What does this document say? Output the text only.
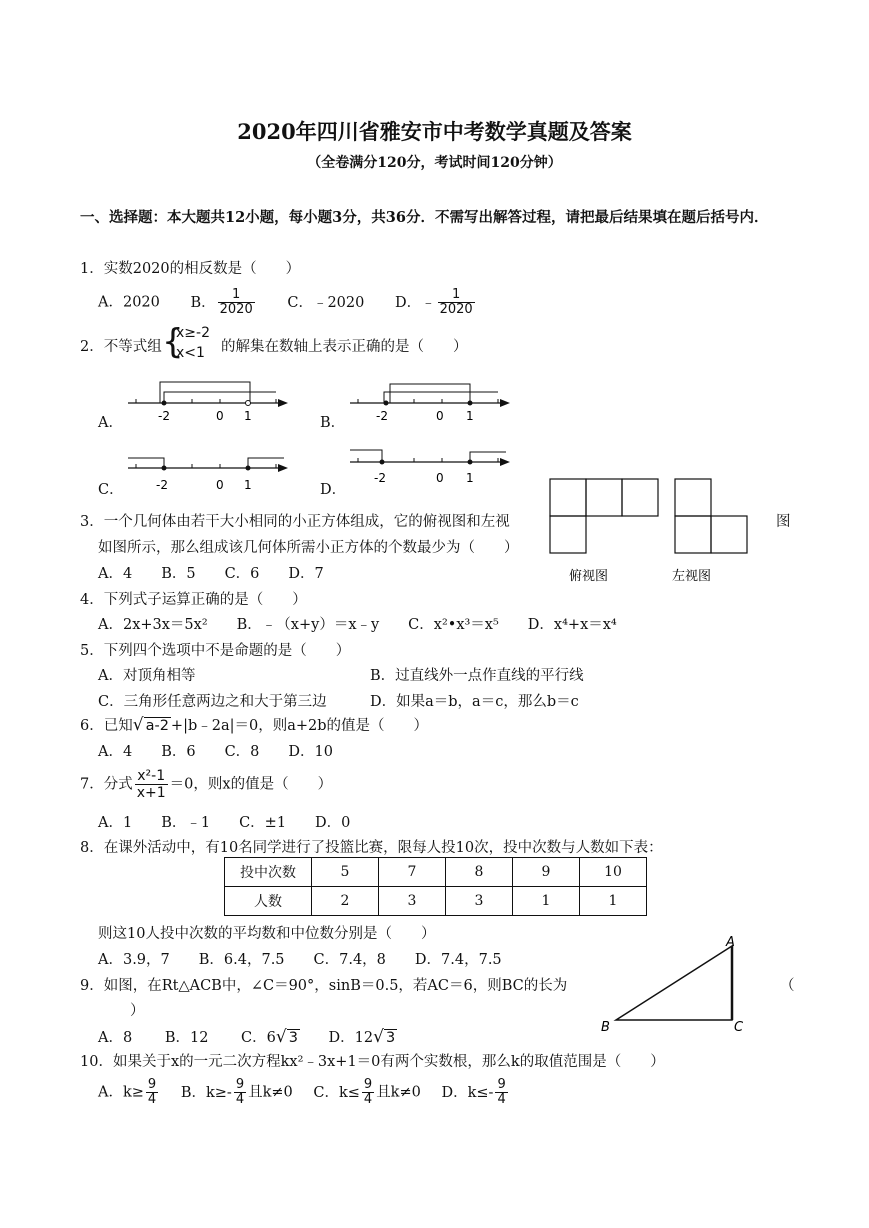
2020年四川省雅安市中考数学真题及答案
（全卷满分120分，考试时间120分钟）
一、选择题：本大题共12小题，每小题3分，共36分．不需写出解答过程，请把最后结果填在题后括号内．
1．实数2020的相反数是（　　）
A．2020 B． $\frac{1}{2020}$ C．﹣2020 D．﹣ $\frac{1}{2020}$
2．不等式组 {
x≥-2
x<1	的解集在数轴上表示正确的是（　　）
A．	B．
C．	D．
-2	0 1	-2	0 1
-2	0 1	-2	0 1
3．一个几何体由若干大小相同的小正方体组成，它的俯视图和左视	图
如图所示，那么组成该几何体所需小正方体的个数最少为（　　）
A．4　　B．5　　C．6　　D．7	俯视图	左视图
4．下列式子运算正确的是（　　）
A．2x+3x＝5x²　　B．﹣（x+y）＝x﹣y　　C．x²•x³＝x⁵　　D．x⁴+x＝x⁴
5．下列四个选项中不是命题的是（　　）
A．对顶角相等	B．过直线外一点作直线的平行线
C．三角形任意两边之和大于第三边	D．如果a＝b，a＝c，那么b＝c
6．已知√ a-2 +|b﹣2a|＝0，则a+2b的值是（　　）
A．4　　B．6　　C．8　　D．10
7．分式 $\frac{\text{x²-1}}{x+1} =0$，则x的值是（　　）
A．1　　B．﹣1　　C．±1　　D．0
8．在课外活动中，有10名同学进行了投篮比赛，限每人投10次，投中次数与人数如下表：
投中次数	5	7	8	9	10
人数	2	3	3	1	1
则这10人投中次数的平均数和中位数分别是（　　）
A．3.9，7　　B．6.4，7.5　　C．7.4，8　　D．7.4，7.5
9．如图，在Rt△ACB中，∠C＝90°，sinB＝0.5，若AC＝6，则BC的长为	（
）
A．8 B．12 C．6√ 3 D．12√ 3
A
B	C
10．如果关于x的一元二次方程kx²﹣3x+1＝0有两个实数根，那么k的取值范围是（　　）
A．$k\ge \frac{9}{4}$ B．$k\ge- \frac{9}{4}$ 且k≠0 C．$k\le \frac{9}{4}$ 且k≠0 D．$k\le- \frac{9}{4}$
